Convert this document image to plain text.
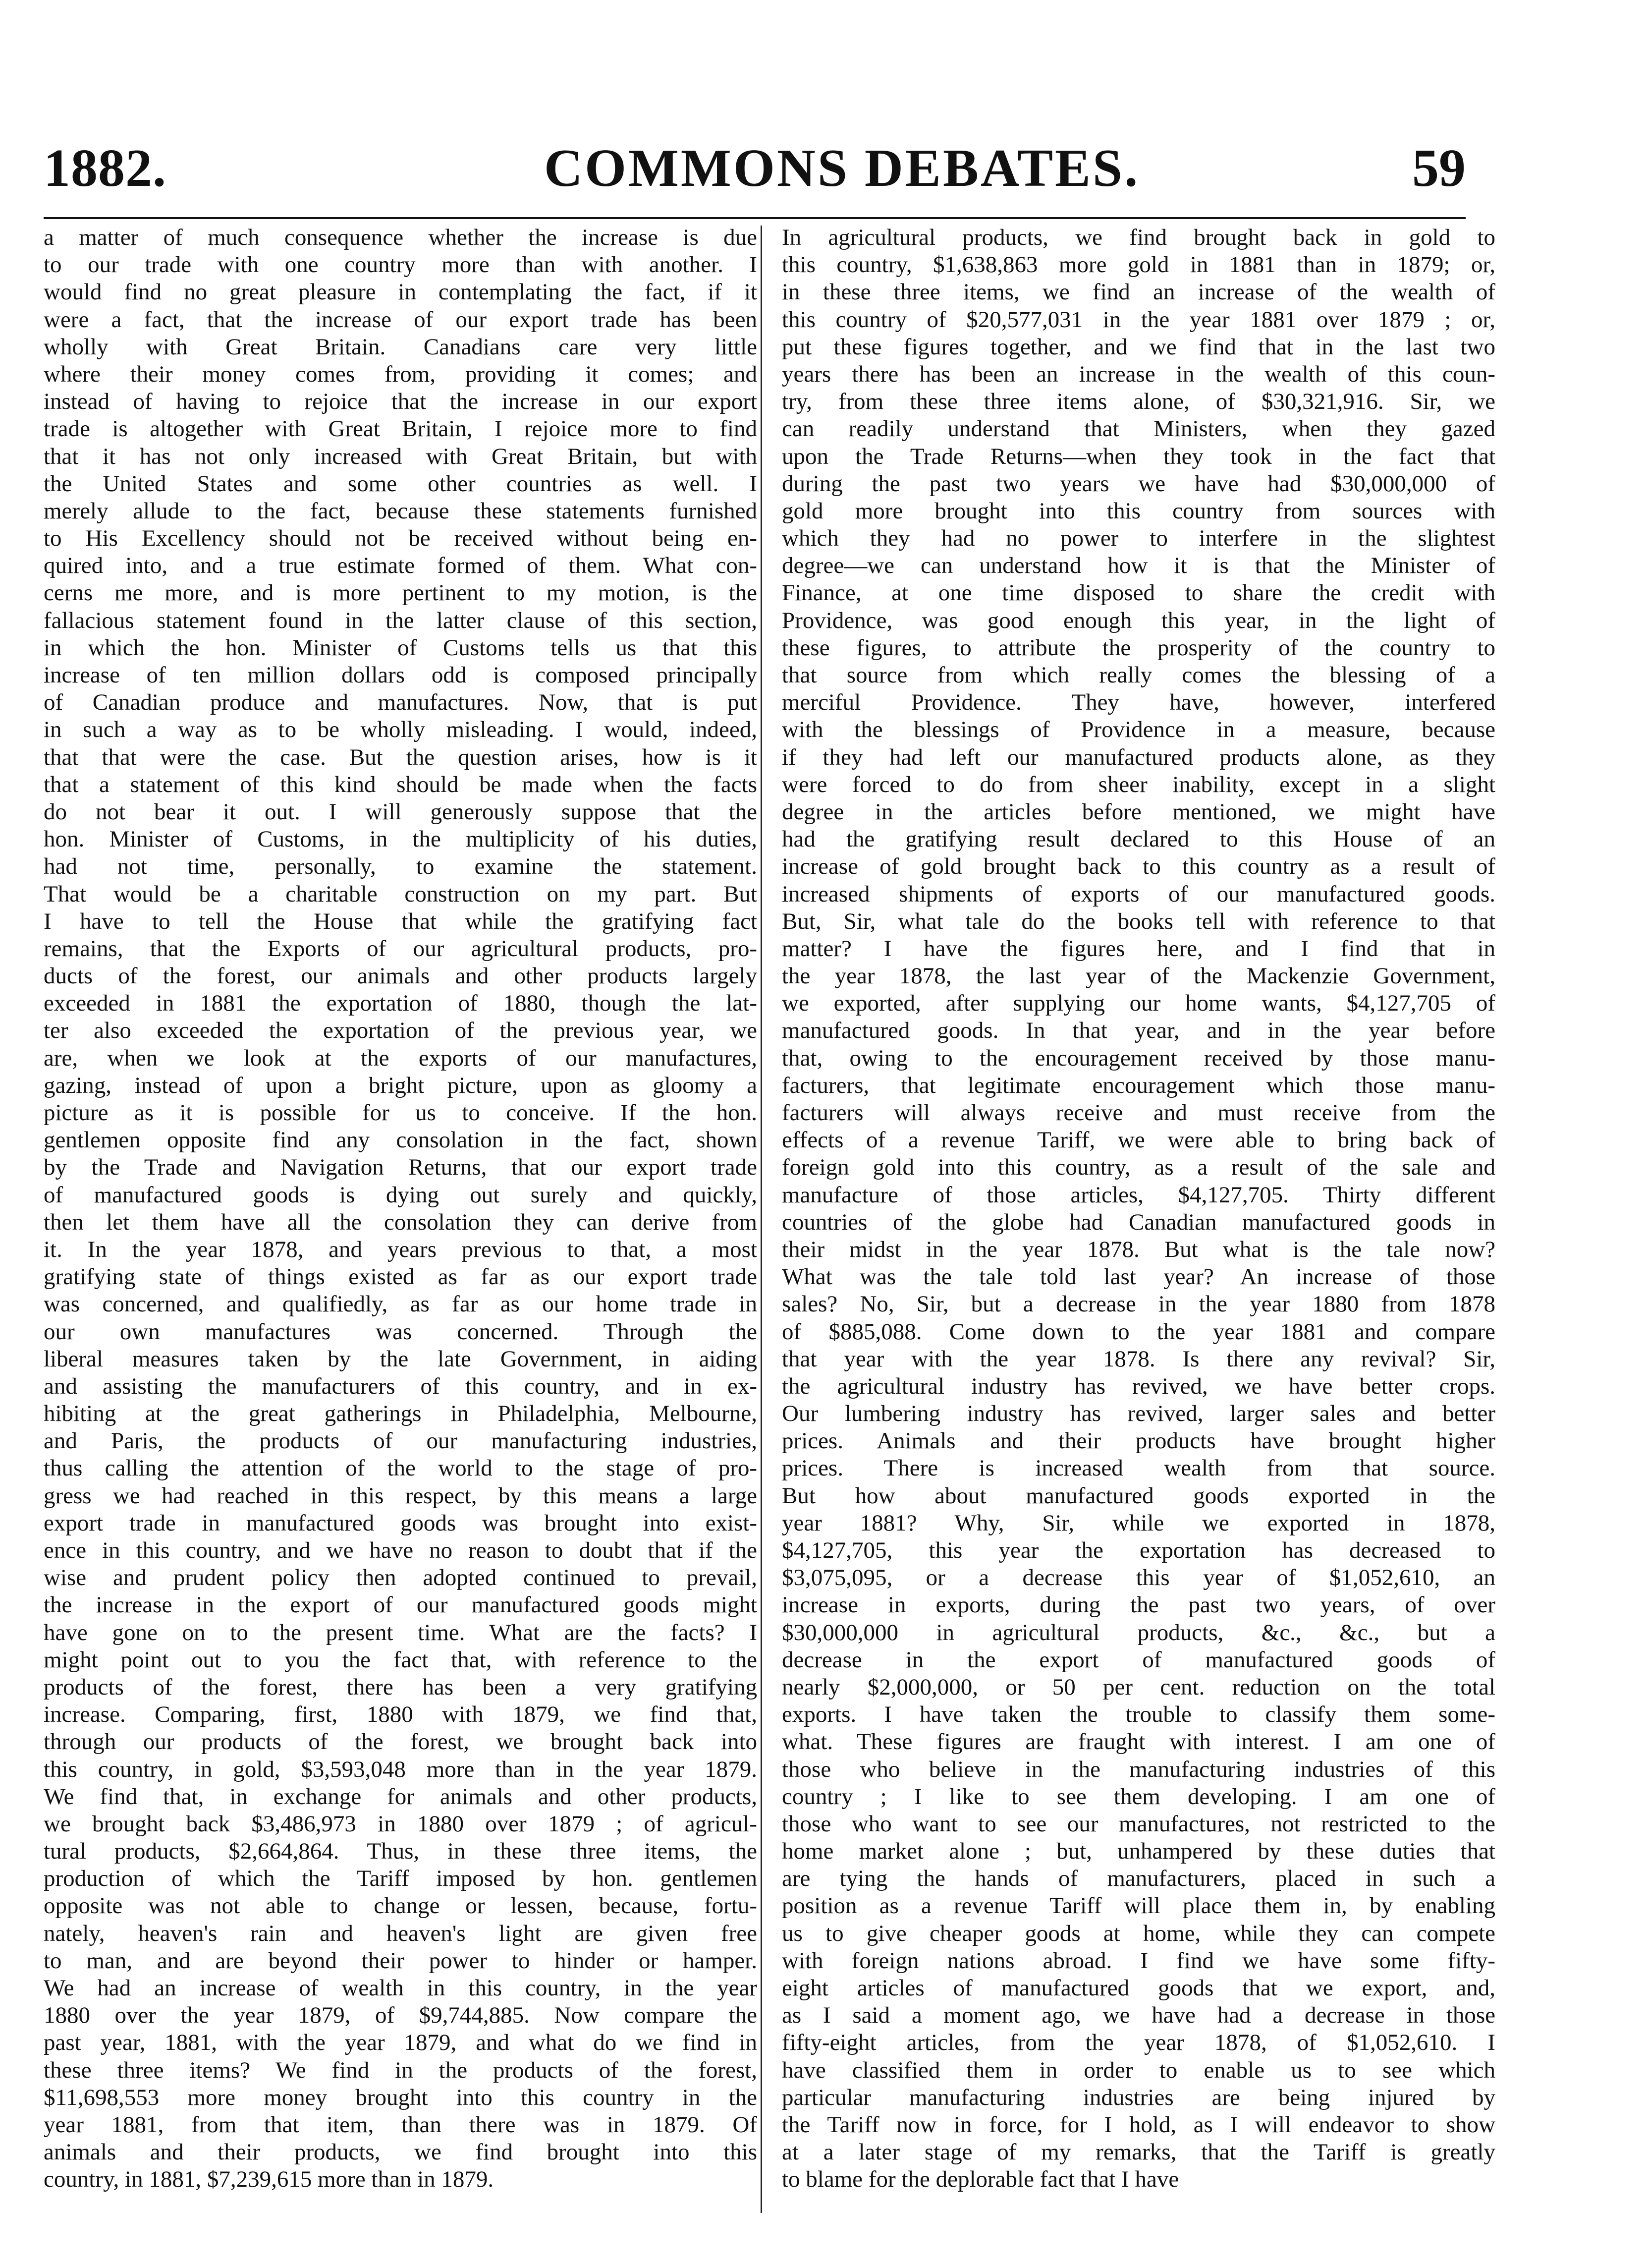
1882.	COMMONS DEBATES.	59
a matter of much consequence whether the increase is due
to our trade with one country more than with another. I
would find no great pleasure in contemplating the fact, if it
were a fact, that the increase of our export trade has been
wholly with Great Britain. Canadians care very little
where their money comes from, providing it comes; and
instead of having to rejoice that the increase in our export
trade is altogether with Great Britain, I rejoice more to find
that it has not only increased with Great Britain, but with
the United States and some other countries as well. I
merely allude to the fact, because these statements furnished
to His Excellency should not be received without being en-
quired into, and a true estimate formed of them. What con-
cerns me more, and is more pertinent to my motion, is the
fallacious statement found in the latter clause of this section,
in which the hon. Minister of Customs tells us that this
increase of ten million dollars odd is composed principally
of Canadian produce and manufactures. Now, that is put
in such a way as to be wholly misleading. I would, indeed,
that that were the case. But the question arises, how is it
that a statement of this kind should be made when the facts
do not bear it out. I will generously suppose that the
hon. Minister of Customs, in the multiplicity of his duties,
had not time, personally, to examine the statement.
That would be a charitable construction on my part. But
I have to tell the House that while the gratifying fact
remains, that the Exports of our agricultural products, pro-
ducts of the forest, our animals and other products largely
exceeded in 1881 the exportation of 1880, though the lat-
ter also exceeded the exportation of the previous year, we
are, when we look at the exports of our manufactures,
gazing, instead of upon a bright picture, upon as gloomy a
picture as it is possible for us to conceive. If the hon.
gentlemen opposite find any consolation in the fact, shown
by the Trade and Navigation Returns, that our export trade
of manufactured goods is dying out surely and quickly,
then let them have all the consolation they can derive from
it. In the year 1878, and years previous to that, a most
gratifying state of things existed as far as our export trade
was concerned, and qualifiedly, as far as our home trade in
our own manufactures was concerned. Through the
liberal measures taken by the late Government, in aiding
and assisting the manufacturers of this country, and in ex-
hibiting at the great gatherings in Philadelphia, Melbourne,
and Paris, the products of our manufacturing industries,
thus calling the attention of the world to the stage of pro-
gress we had reached in this respect, by this means a large
export trade in manufactured goods was brought into exist-
ence in this country, and we have no reason to doubt that if the
wise and prudent policy then adopted continued to prevail,
the increase in the export of our manufactured goods might
have gone on to the present time. What are the facts? I
might point out to you the fact that, with reference to the
products of the forest, there has been a very gratifying
increase. Comparing, first, 1880 with 1879, we find that,
through our products of the forest, we brought back into
this country, in gold, $3,593,048 more than in the year 1879.
We find that, in exchange for animals and other products,
we brought back $3,486,973 in 1880 over 1879 ; of agricul-
tural products, $2,664,864. Thus, in these three items, the
production of which the Tariff imposed by hon. gentlemen
opposite was not able to change or lessen, because, fortu-
nately, heaven's rain and heaven's light are given free
to man, and are beyond their power to hinder or hamper.
We had an increase of wealth in this country, in the year
1880 over the year 1879, of $9,744,885. Now compare the
past year, 1881, with the year 1879, and what do we find in
these three items? We find in the products of the forest,
$11,698,553 more money brought into this country in the
year 1881, from that item, than there was in 1879. Of
animals and their products, we find brought into this
country, in 1881, $7,239,615 more than in 1879.
In agricultural products, we find brought back in gold to
this country, $1,638,863 more gold in 1881 than in 1879; or,
in these three items, we find an increase of the wealth of
this country of $20,577,031 in the year 1881 over 1879 ; or,
put these figures together, and we find that in the last two
years there has been an increase in the wealth of this coun-
try, from these three items alone, of $30,321,916. Sir, we
can readily understand that Ministers, when they gazed
upon the Trade Returns—when they took in the fact that
during the past two years we have had $30,000,000 of
gold more brought into this country from sources with
which they had no power to interfere in the slightest
degree—we can understand how it is that the Minister of
Finance, at one time disposed to share the credit with
Providence, was good enough this year, in the light of
these figures, to attribute the prosperity of the country to
that source from which really comes the blessing of a
merciful Providence. They have, however, interfered
with the blessings of Providence in a measure, because
if they had left our manufactured products alone, as they
were forced to do from sheer inability, except in a slight
degree in the articles before mentioned, we might have
had the gratifying result declared to this House of an
increase of gold brought back to this country as a result of
increased shipments of exports of our manufactured goods.
But, Sir, what tale do the books tell with reference to that
matter? I have the figures here, and I find that in
the year 1878, the last year of the Mackenzie Government,
we exported, after supplying our home wants, $4,127,705 of
manufactured goods. In that year, and in the year before
that, owing to the encouragement received by those manu-
facturers, that legitimate encouragement which those manu-
facturers will always receive and must receive from the
effects of a revenue Tariff, we were able to bring back of
foreign gold into this country, as a result of the sale and
manufacture of those articles, $4,127,705. Thirty different
countries of the globe had Canadian manufactured goods in
their midst in the year 1878. But what is the tale now?
What was the tale told last year? An increase of those
sales? No, Sir, but a decrease in the year 1880 from 1878
of $885,088. Come down to the year 1881 and compare
that year with the year 1878. Is there any revival? Sir,
the agricultural industry has revived, we have better crops.
Our lumbering industry has revived, larger sales and better
prices. Animals and their products have brought higher
prices. There is increased wealth from that source.
But how about manufactured goods exported in the
year 1881? Why, Sir, while we exported in 1878,
$4,127,705, this year the exportation has decreased to
$3,075,095, or a decrease this year of $1,052,610, an
increase in exports, during the past two years, of over
$30,000,000 in agricultural products, &c., &c., but a
decrease in the export of manufactured goods of
nearly $2,000,000, or 50 per cent. reduction on the total
exports. I have taken the trouble to classify them some-
what. These figures are fraught with interest. I am one of
those who believe in the manufacturing industries of this
country ; I like to see them developing. I am one of
those who want to see our manufactures, not restricted to the
home market alone ; but, unhampered by these duties that
are tying the hands of manufacturers, placed in such a
position as a revenue Tariff will place them in, by enabling
us to give cheaper goods at home, while they can compete
with foreign nations abroad. I find we have some fifty-
eight articles of manufactured goods that we export, and,
as I said a moment ago, we have had a decrease in those
fifty-eight articles, from the year 1878, of $1,052,610. I
have classified them in order to enable us to see which
particular manufacturing industries are being injured by
the Tariff now in force, for I hold, as I will endeavor to show
at a later stage of my remarks, that the Tariff is greatly
to blame for the deplorable fact that I have
